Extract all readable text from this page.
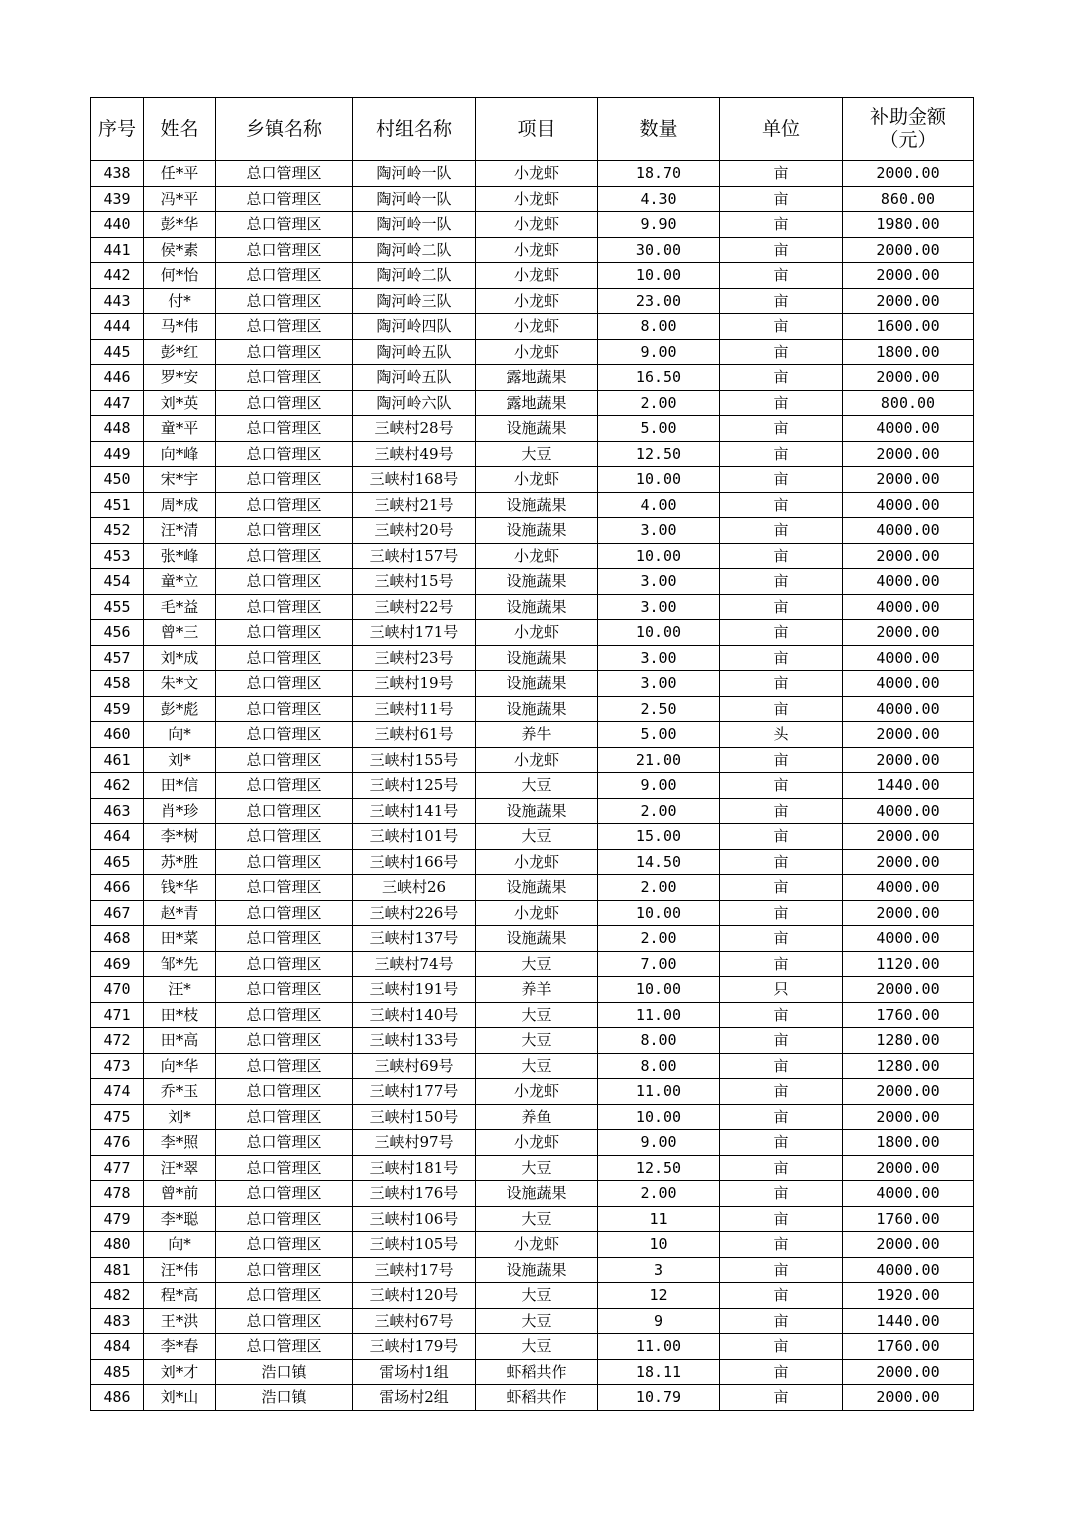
序号	姓名	乡镇名称	村组名称	项目	数量	单位	补助金额
（元）
438	任*平	总口管理区	陶河岭一队	小龙虾	18.70	亩	2000.00
439	冯*平	总口管理区	陶河岭一队	小龙虾	4.30	亩	860.00
440	彭*华	总口管理区	陶河岭一队	小龙虾	9.90	亩	1980.00
441	侯*素	总口管理区	陶河岭二队	小龙虾	30.00	亩	2000.00
442	何*怡	总口管理区	陶河岭二队	小龙虾	10.00	亩	2000.00
443	付*	总口管理区	陶河岭三队	小龙虾	23.00	亩	2000.00
444	马*伟	总口管理区	陶河岭四队	小龙虾	8.00	亩	1600.00
445	彭*红	总口管理区	陶河岭五队	小龙虾	9.00	亩	1800.00
446	罗*安	总口管理区	陶河岭五队	露地蔬果	16.50	亩	2000.00
447	刘*英	总口管理区	陶河岭六队	露地蔬果	2.00	亩	800.00
448	童*平	总口管理区	三峡村28号	设施蔬果	5.00	亩	4000.00
449	向*峰	总口管理区	三峡村49号	大豆	12.50	亩	2000.00
450	宋*宇	总口管理区	三峡村168号	小龙虾	10.00	亩	2000.00
451	周*成	总口管理区	三峡村21号	设施蔬果	4.00	亩	4000.00
452	汪*清	总口管理区	三峡村20号	设施蔬果	3.00	亩	4000.00
453	张*峰	总口管理区	三峡村157号	小龙虾	10.00	亩	2000.00
454	童*立	总口管理区	三峡村15号	设施蔬果	3.00	亩	4000.00
455	毛*益	总口管理区	三峡村22号	设施蔬果	3.00	亩	4000.00
456	曾*三	总口管理区	三峡村171号	小龙虾	10.00	亩	2000.00
457	刘*成	总口管理区	三峡村23号	设施蔬果	3.00	亩	4000.00
458	朱*文	总口管理区	三峡村19号	设施蔬果	3.00	亩	4000.00
459	彭*彪	总口管理区	三峡村11号	设施蔬果	2.50	亩	4000.00
460	向*	总口管理区	三峡村61号	养牛	5.00	头	2000.00
461	刘*	总口管理区	三峡村155号	小龙虾	21.00	亩	2000.00
462	田*信	总口管理区	三峡村125号	大豆	9.00	亩	1440.00
463	肖*珍	总口管理区	三峡村141号	设施蔬果	2.00	亩	4000.00
464	李*树	总口管理区	三峡村101号	大豆	15.00	亩	2000.00
465	苏*胜	总口管理区	三峡村166号	小龙虾	14.50	亩	2000.00
466	钱*华	总口管理区	三峡村26	设施蔬果	2.00	亩	4000.00
467	赵*青	总口管理区	三峡村226号	小龙虾	10.00	亩	2000.00
468	田*菜	总口管理区	三峡村137号	设施蔬果	2.00	亩	4000.00
469	邹*先	总口管理区	三峡村74号	大豆	7.00	亩	1120.00
470	汪*	总口管理区	三峡村191号	养羊	10.00	只	2000.00
471	田*枝	总口管理区	三峡村140号	大豆	11.00	亩	1760.00
472	田*高	总口管理区	三峡村133号	大豆	8.00	亩	1280.00
473	向*华	总口管理区	三峡村69号	大豆	8.00	亩	1280.00
474	乔*玉	总口管理区	三峡村177号	小龙虾	11.00	亩	2000.00
475	刘*	总口管理区	三峡村150号	养鱼	10.00	亩	2000.00
476	李*照	总口管理区	三峡村97号	小龙虾	9.00	亩	1800.00
477	汪*翠	总口管理区	三峡村181号	大豆	12.50	亩	2000.00
478	曾*前	总口管理区	三峡村176号	设施蔬果	2.00	亩	4000.00
479	李*聪	总口管理区	三峡村106号	大豆	11	亩	1760.00
480	向*	总口管理区	三峡村105号	小龙虾	10	亩	2000.00
481	汪*伟	总口管理区	三峡村17号	设施蔬果	3	亩	4000.00
482	程*高	总口管理区	三峡村120号	大豆	12	亩	1920.00
483	王*洪	总口管理区	三峡村67号	大豆	9	亩	1440.00
484	李*春	总口管理区	三峡村179号	大豆	11.00	亩	1760.00
485	刘*才	浩口镇	雷场村1组	虾稻共作	18.11	亩	2000.00
486	刘*山	浩口镇	雷场村2组	虾稻共作	10.79	亩	2000.00
